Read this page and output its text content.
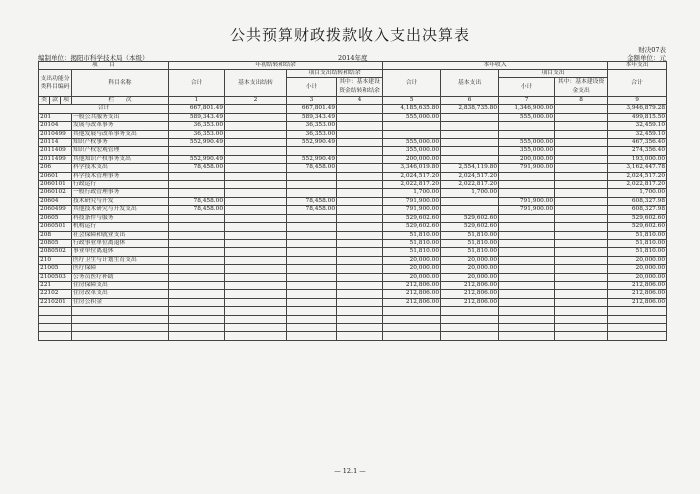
公共预算财政拨款收入支出决算表
财决07表
编制单位：揭阳市科学技术局（本级）	2014年度	金额单位：元
项　　目				年初结转和结余				本年收入				本年支出
支出功能分类科目编码			科目名称	合计	基本支出结转	项目支出结转和结余		合计	基本支出	项目支出		合计
						小计	其中：基本建设资金结转和结余			小计	其中：基本建设资金支出	

类	款	项	栏　　次	1	2	3	4	5	6	7	8	9
合计				667,801.49		667,801.49		4,185,635.80	2,838,735.80	1,346,900.00		3,946,879.28
201			一般公共服务支出	589,343.49		589,343.49		555,000.00		555,000.00		499,815.50
20104			发展与改革事务	36,353.00		36,353.00						32,459.10
2010499			其他发展与改革事务支出	36,353.00		36,353.00						32,459.10
20114			知识产权事务	552,990.49		552,990.49		555,000.00		555,000.00		467,356.40
2011409			知识产权宏观管理					355,000.00		355,000.00		274,356.40
2011499			其他知识产权事务支出	552,990.49		552,990.49		200,000.00		200,000.00		193,000.00
206			科学技术支出	78,458.00		78,458.00		3,346,019.80	2,554,119.80	791,900.00		3,162,447.78
20601			科学技术管理事务					2,024,517.20	2,024,517.20			2,024,517.20
2060101			行政运行					2,022,817.20	2,022,817.20			2,022,817.20
2060102			一般行政管理事务					1,700.00	1,700.00			1,700.00
20604			技术研究与开发	78,458.00		78,458.00		791,900.00		791,900.00		608,327.98
2060499			其他技术研究与开发支出	78,458.00		78,458.00		791,900.00		791,900.00		608,327.98
20605			科技条件与服务					529,602.60	529,602.60			529,602.60
2060501			机构运行					529,602.60	529,602.60			529,602.60
208			社会保障和就业支出					51,810.00	51,810.00			51,810.00
20805			行政事业单位离退休					51,810.00	51,810.00			51,810.00
2080502			事业单位离退休					51,810.00	51,810.00			51,810.00
210			医疗卫生与计划生育支出					20,000.00	20,000.00			20,000.00
21005			医疗保障					20,000.00	20,000.00			20,000.00
2100503			公务员医疗补助					20,000.00	20,000.00			20,000.00
221			住房保障支出					212,806.00	212,806.00			212,806.00
22102			住房改革支出					212,806.00	212,806.00			212,806.00
2210201			住房公积金					212,806.00	212,806.00			212,806.00

— 12.1 —
